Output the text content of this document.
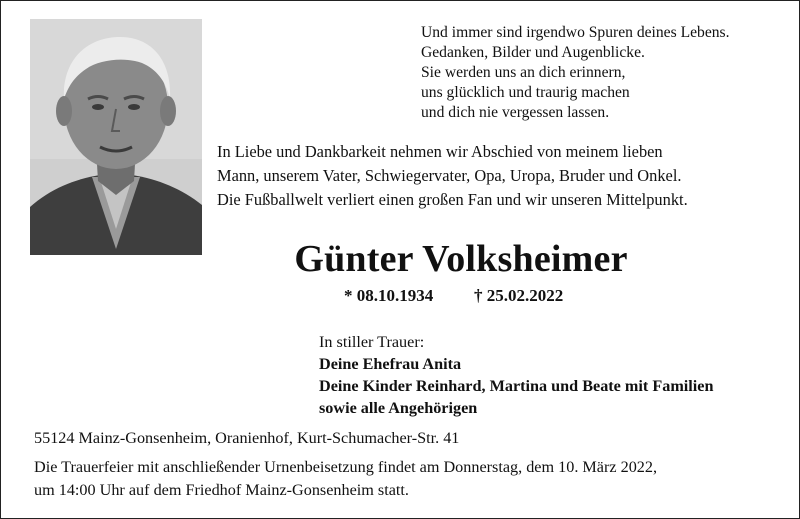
Und immer sind irgendwo Spuren deines Lebens.
Gedanken, Bilder und Augenblicke.
Sie werden uns an dich erinnern,
uns glücklich und traurig machen
und dich nie vergessen lassen.
In Liebe und Dankbarkeit nehmen wir Abschied von meinem lieben
Mann, unserem Vater, Schwiegervater, Opa, Uropa, Bruder und Onkel.
Die Fußballwelt verliert einen großen Fan und wir unseren Mittelpunkt.
Günter Volksheimer
* 08.10.1934 † 25.02.2022
In stiller Trauer:
Deine Ehefrau Anita
Deine Kinder Reinhard, Martina und Beate mit Familien
sowie alle Angehörigen
55124 Mainz-Gonsenheim, Oranienhof, Kurt-Schumacher-Str. 41
Die Trauerfeier mit anschließender Urnenbeisetzung findet am Donnerstag, dem 10. März 2022,
um 14:00 Uhr auf dem Friedhof Mainz-Gonsenheim statt.
